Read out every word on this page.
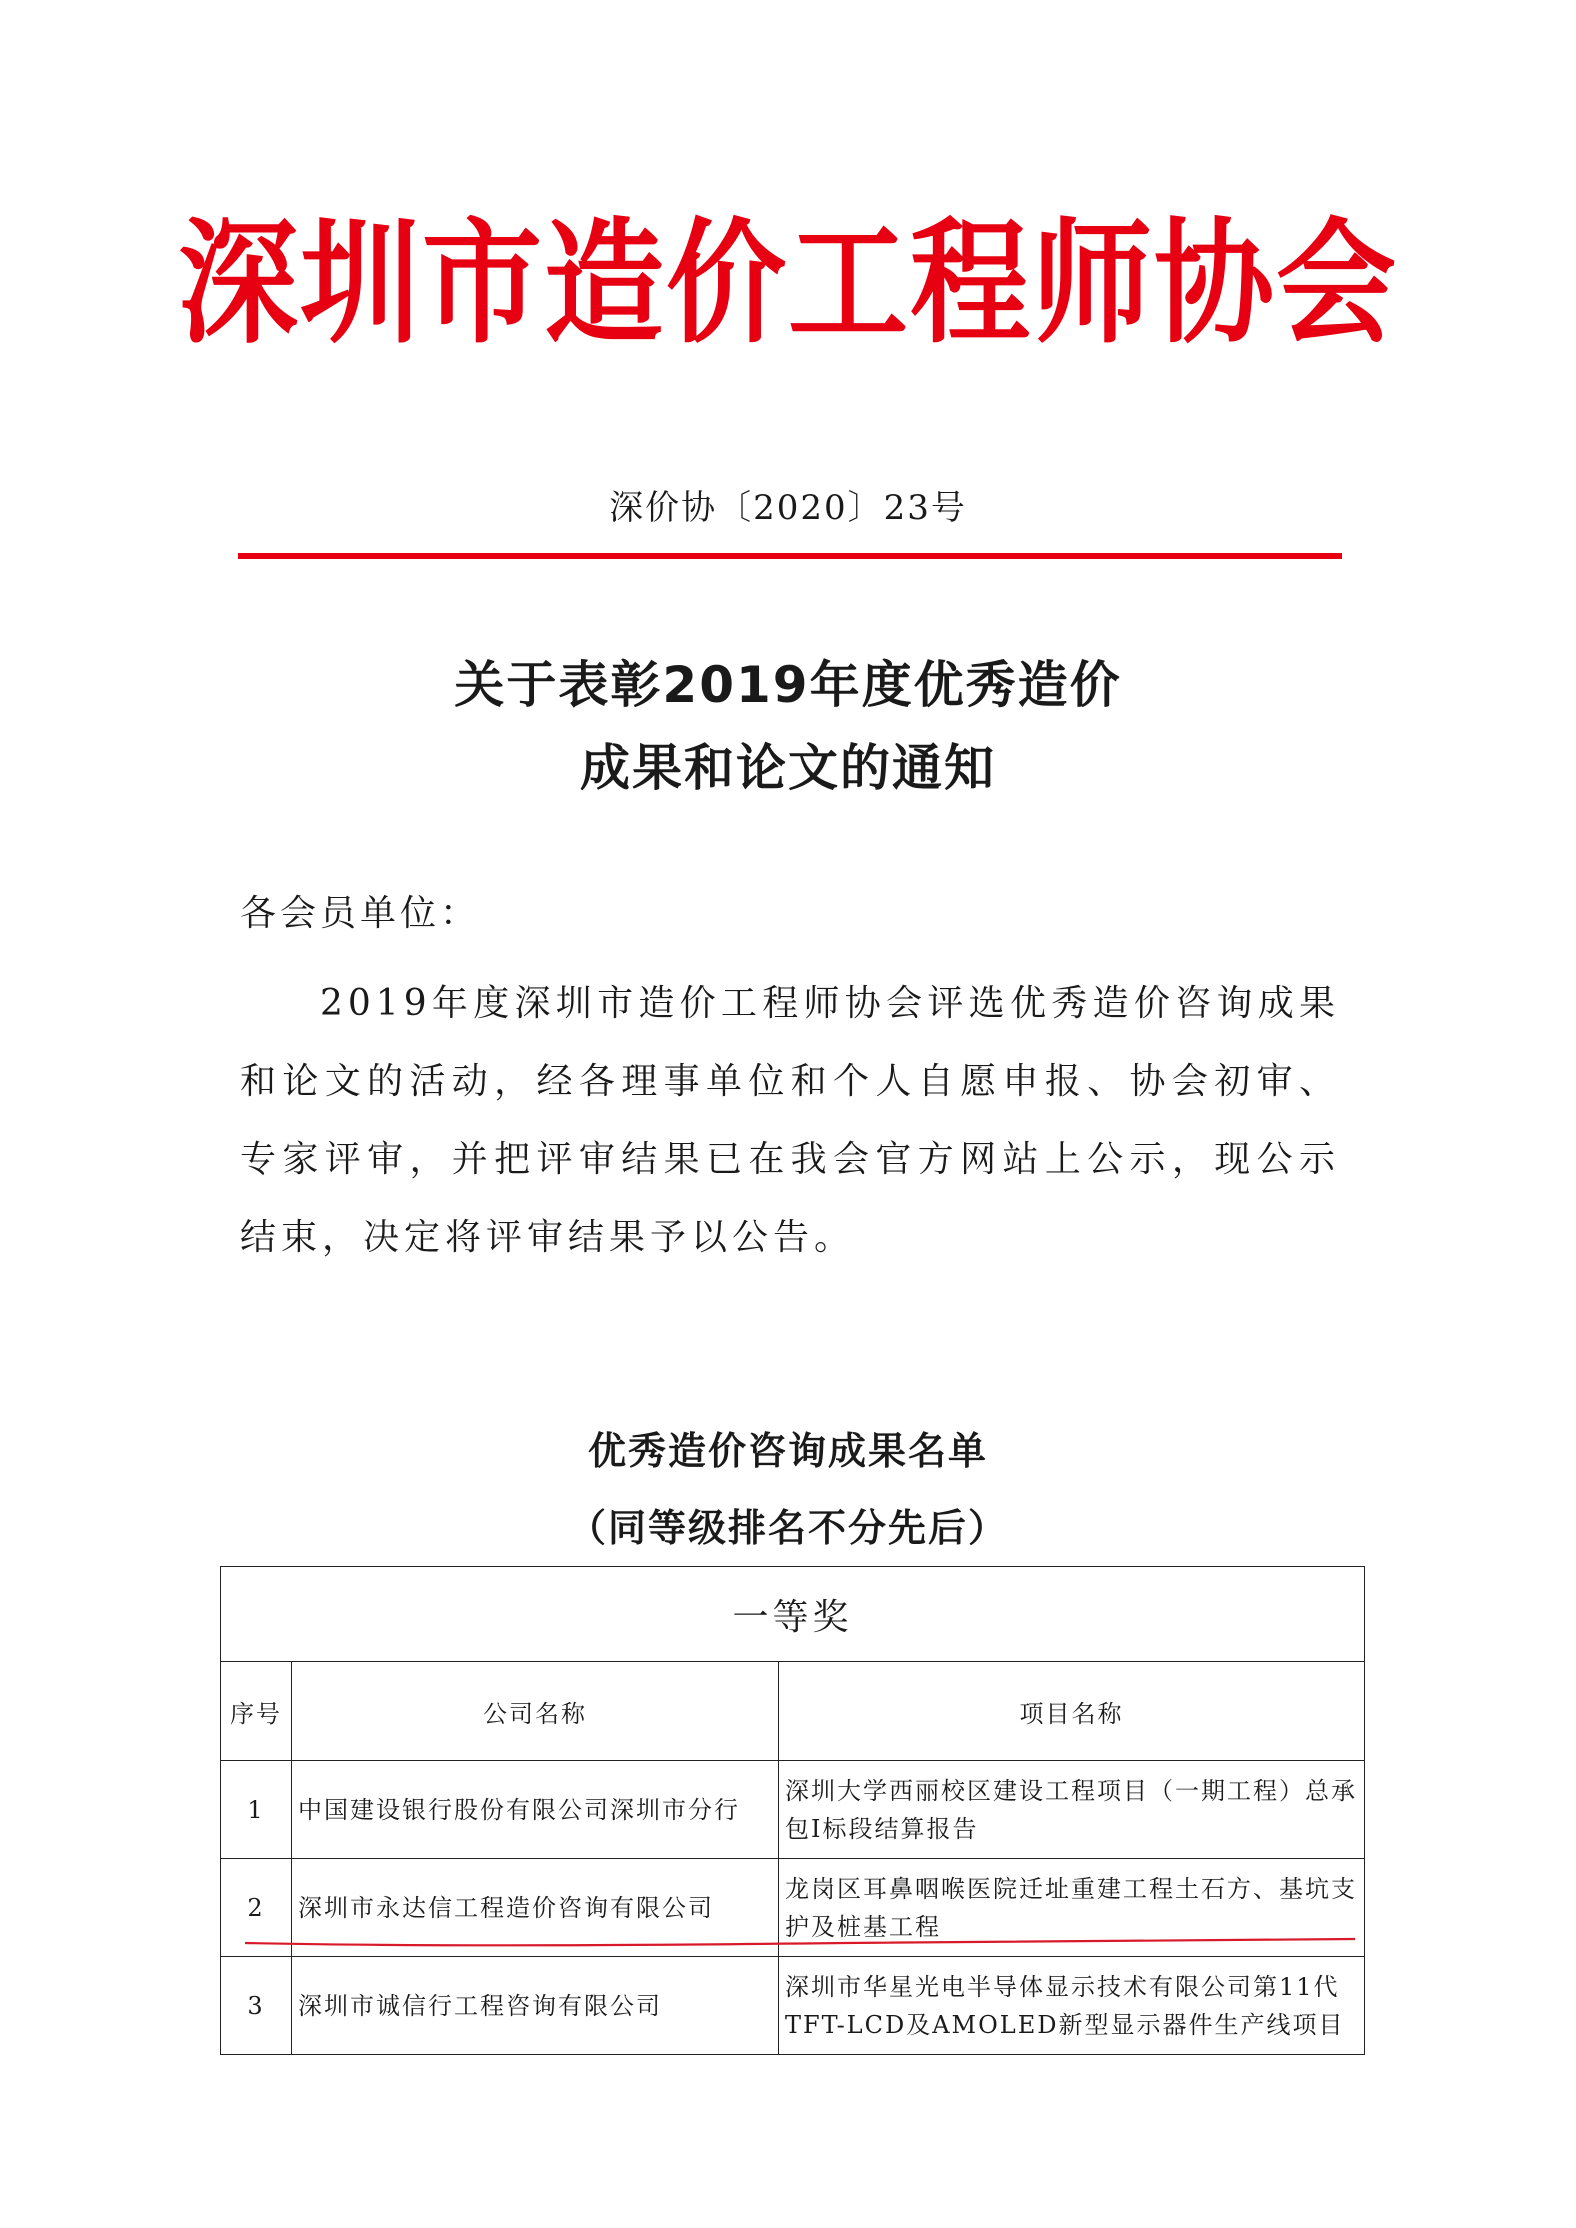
深圳市造价工程师协会
深价协〔2020〕23号
关于表彰2019年度优秀造价
成果和论文的通知
各会员单位：
2019年度深圳市造价工程师协会评选优秀造价咨询成果和论文的活动，经各理事单位和个人自愿申报、协会初审、专家评审，并把评审结果已在我会官方网站上公示，现公示结束，决定将评审结果予以公告。
优秀造价咨询成果名单
（同等级排名不分先后）
一等奖		
序号	公司名称	项目名称
1	中国建设银行股份有限公司深圳市分行	深圳大学西丽校区建设工程项目（一期工程）总承包Ⅰ标段结算报告
2	深圳市永达信工程造价咨询有限公司	龙岗区耳鼻咽喉医院迁址重建工程土石方、基坑支护及桩基工程
3	深圳市诚信行工程咨询有限公司	深圳市华星光电半导体显示技术有限公司第11代TFT-LCD及AMOLED新型显示器件生产线项目
